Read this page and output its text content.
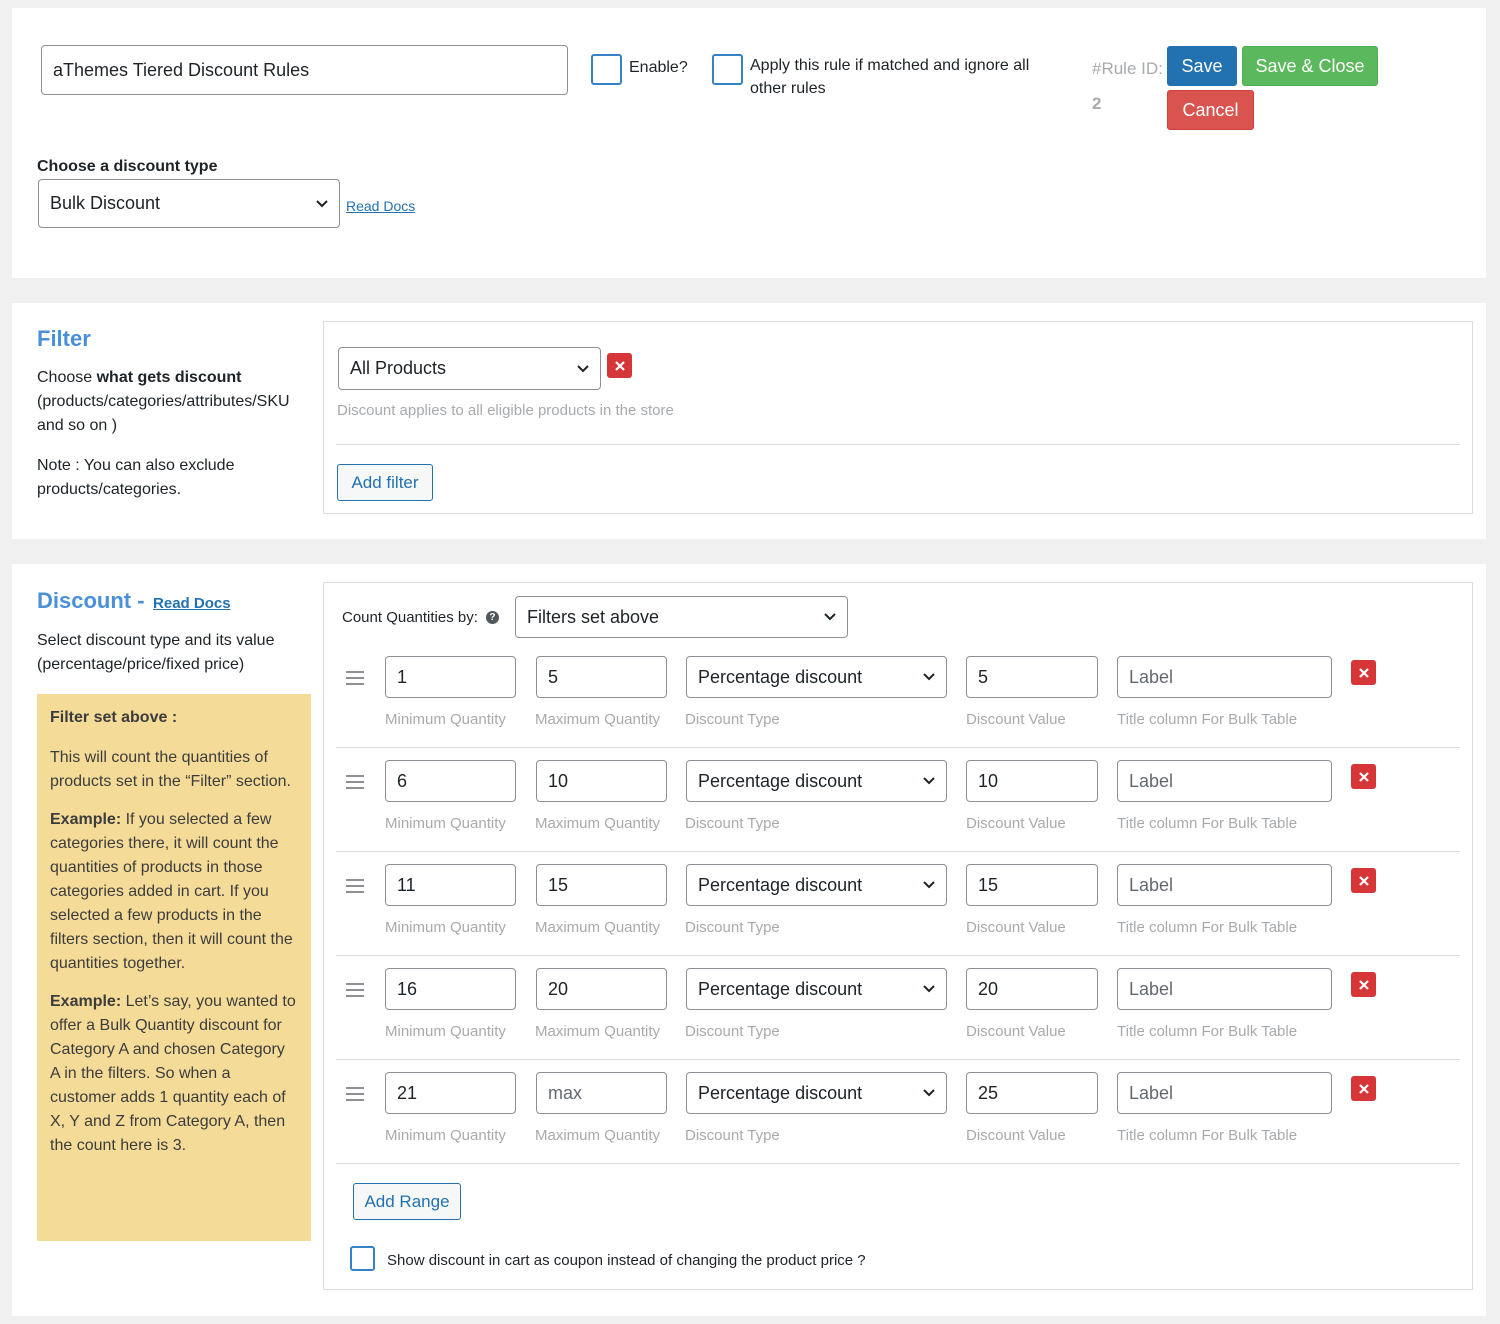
aThemes Tiered Discount Rules	Enable?	Apply this rule if matched and ignore all
other rules
#Rule ID:
2
Save	Save & Close
Cancel
Choose a discount type
Bulk Discount	Read Docs
Filter
Choose what gets discount
(products/categories/attributes/SKU
and so on )
Note : You can also exclude
products/categories.
All Products
Discount applies to all eligible products in the store
Add filter
Discount - Read Docs
Select discount type and its value
(percentage/price/fixed price)

Filter set above :

This will count the quantities of products set in the “Filter” section.

Example: If you selected a few categories there, it will count the quantities of products in those categories added in cart. If you selected a few products in the filters section, then it will count the quantities together.

Example: Let’s say, you wanted to offer a Bulk Quantity discount for Category A and chosen Category A in the filters. So when a customer adds 1 quantity each of X, Y and Z from Category A, then the count here is 3.

Count Quantities by:	? Filters set above
1	5	Percentage discount	5	Label
Minimum Quantity Maximum Quantity Discount Type	Discount Value	Title column For Bulk Table
6	10	Percentage discount	10	Label
Minimum Quantity Maximum Quantity Discount Type	Discount Value	Title column For Bulk Table
11	15	Percentage discount	15	Label
Minimum Quantity Maximum Quantity Discount Type	Discount Value	Title column For Bulk Table
16	20	Percentage discount	20	Label
Minimum Quantity Maximum Quantity Discount Type	Discount Value	Title column For Bulk Table
21	max	Percentage discount	25	Label
Minimum Quantity Maximum Quantity Discount Type	Discount Value	Title column For Bulk Table
Add Range
Show discount in cart as coupon instead of changing the product price ?
